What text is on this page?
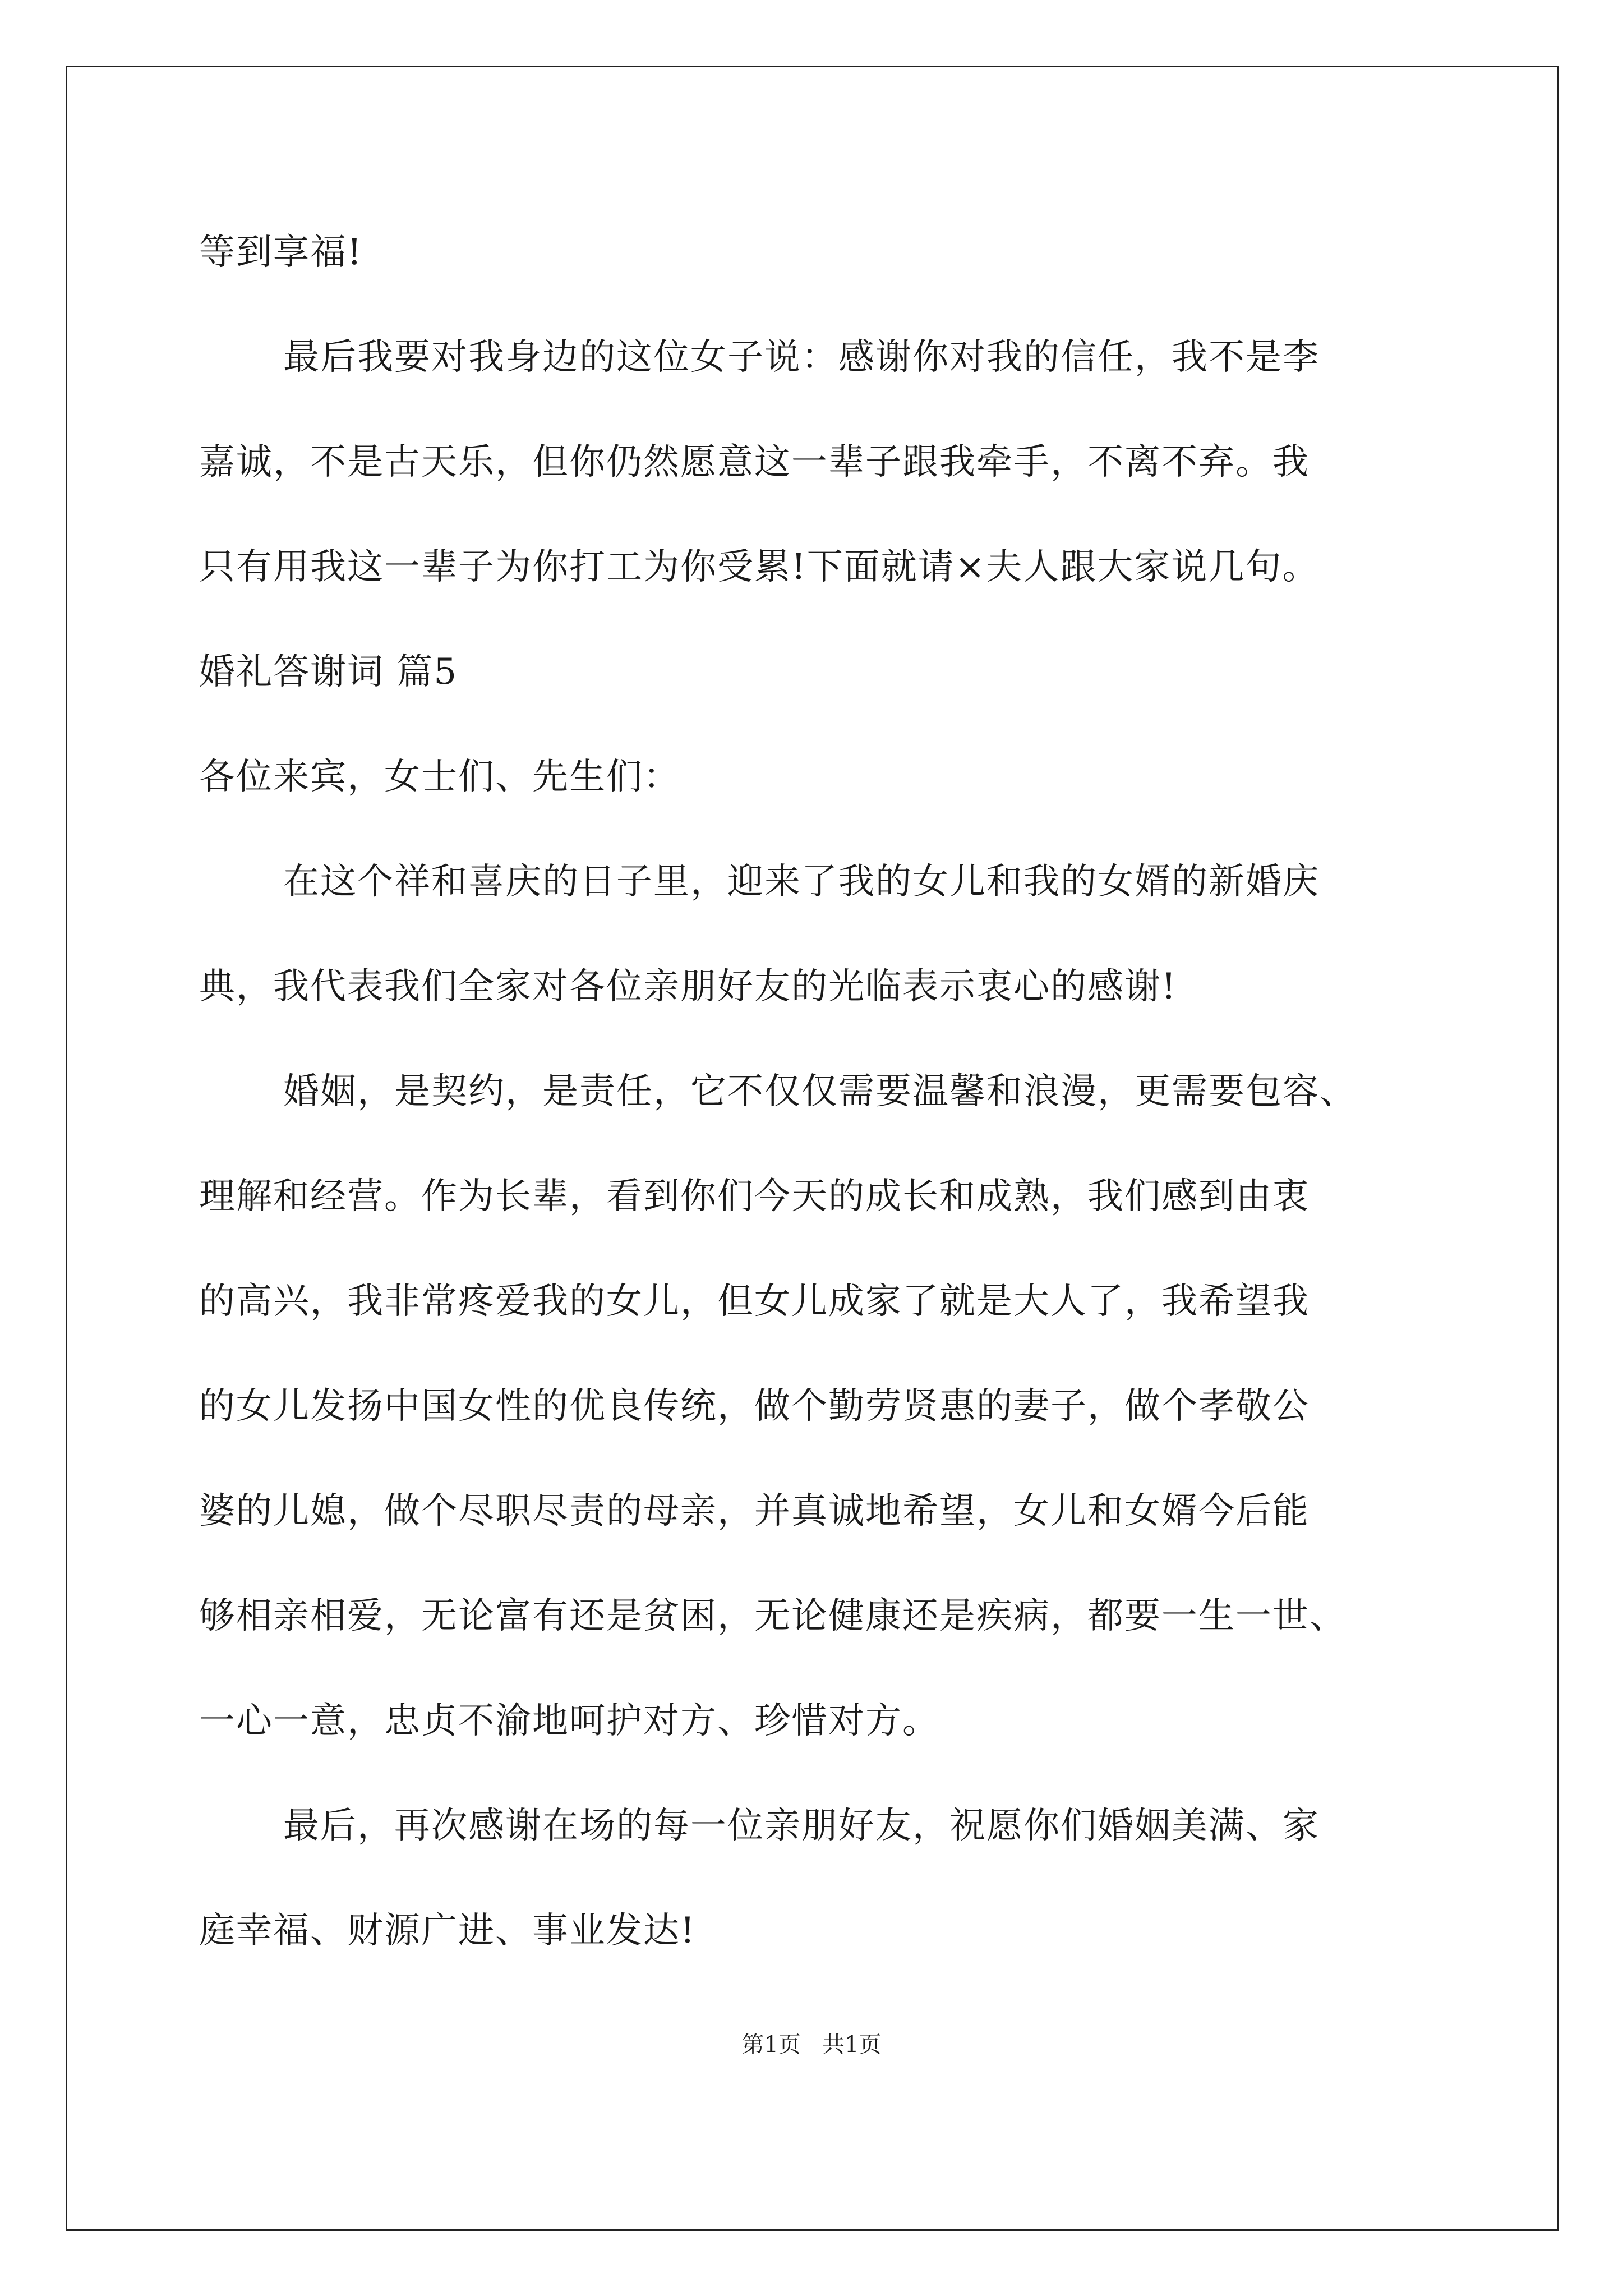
等到享福!
最后我要对我身边的这位女子说：感谢你对我的信任，我不是李
嘉诚，不是古天乐，但你仍然愿意这一辈子跟我牵手，不离不弃。我
只有用我这一辈子为你打工为你受累!下面就请×夫人跟大家说几句。
婚礼答谢词 篇5
各位来宾，女士们、先生们：
在这个祥和喜庆的日子里，迎来了我的女儿和我的女婿的新婚庆
典，我代表我们全家对各位亲朋好友的光临表示衷心的感谢!
婚姻，是契约，是责任，它不仅仅需要温馨和浪漫，更需要包容、
理解和经营。作为长辈，看到你们今天的成长和成熟，我们感到由衷
的高兴，我非常疼爱我的女儿，但女儿成家了就是大人了，我希望我
的女儿发扬中国女性的优良传统，做个勤劳贤惠的妻子，做个孝敬公
婆的儿媳，做个尽职尽责的母亲，并真诚地希望，女儿和女婿今后能
够相亲相爱，无论富有还是贫困，无论健康还是疾病，都要一生一世、
一心一意，忠贞不渝地呵护对方、珍惜对方。
最后，再次感谢在场的每一位亲朋好友，祝愿你们婚姻美满、家
庭幸福、财源广进、事业发达!
第1页   共1页
